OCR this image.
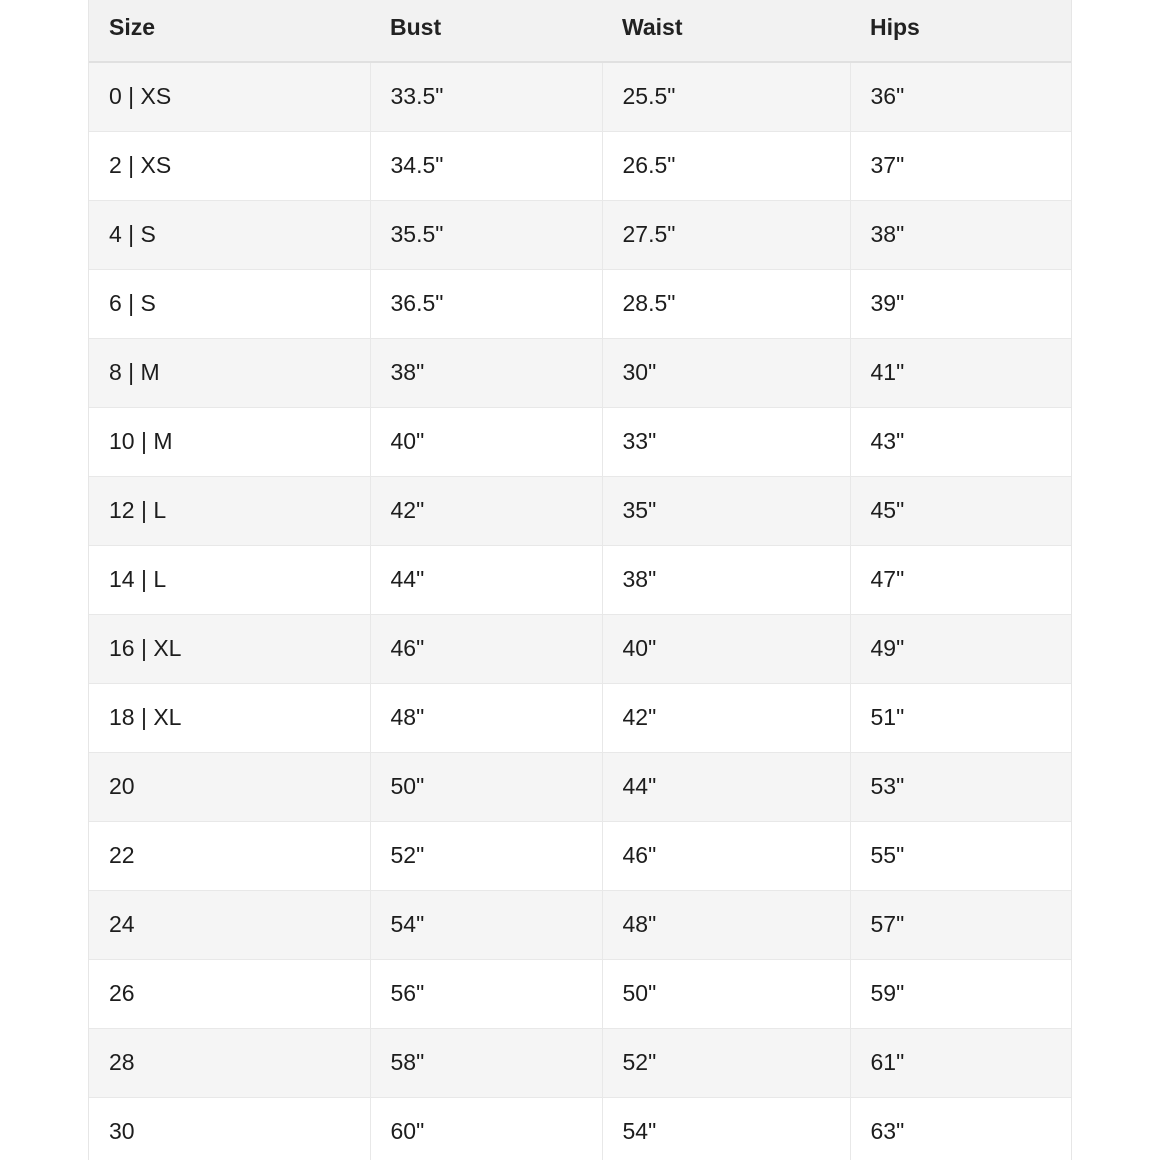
Size	Bust	Waist	Hips
0 | XS	33.5"	25.5"	36"
2 | XS	34.5"	26.5"	37"
4 | S	35.5"	27.5"	38"
6 | S	36.5"	28.5"	39"
8 | M	38"	30"	41"
10 | M	40"	33"	43"
12 | L	42"	35"	45"
14 | L	44"	38"	47"
16 | XL	46"	40"	49"
18 | XL	48"	42"	51"
20	50"	44"	53"
22	52"	46"	55"
24	54"	48"	57"
26	56"	50"	59"
28	58"	52"	61"
30	60"	54"	63"
